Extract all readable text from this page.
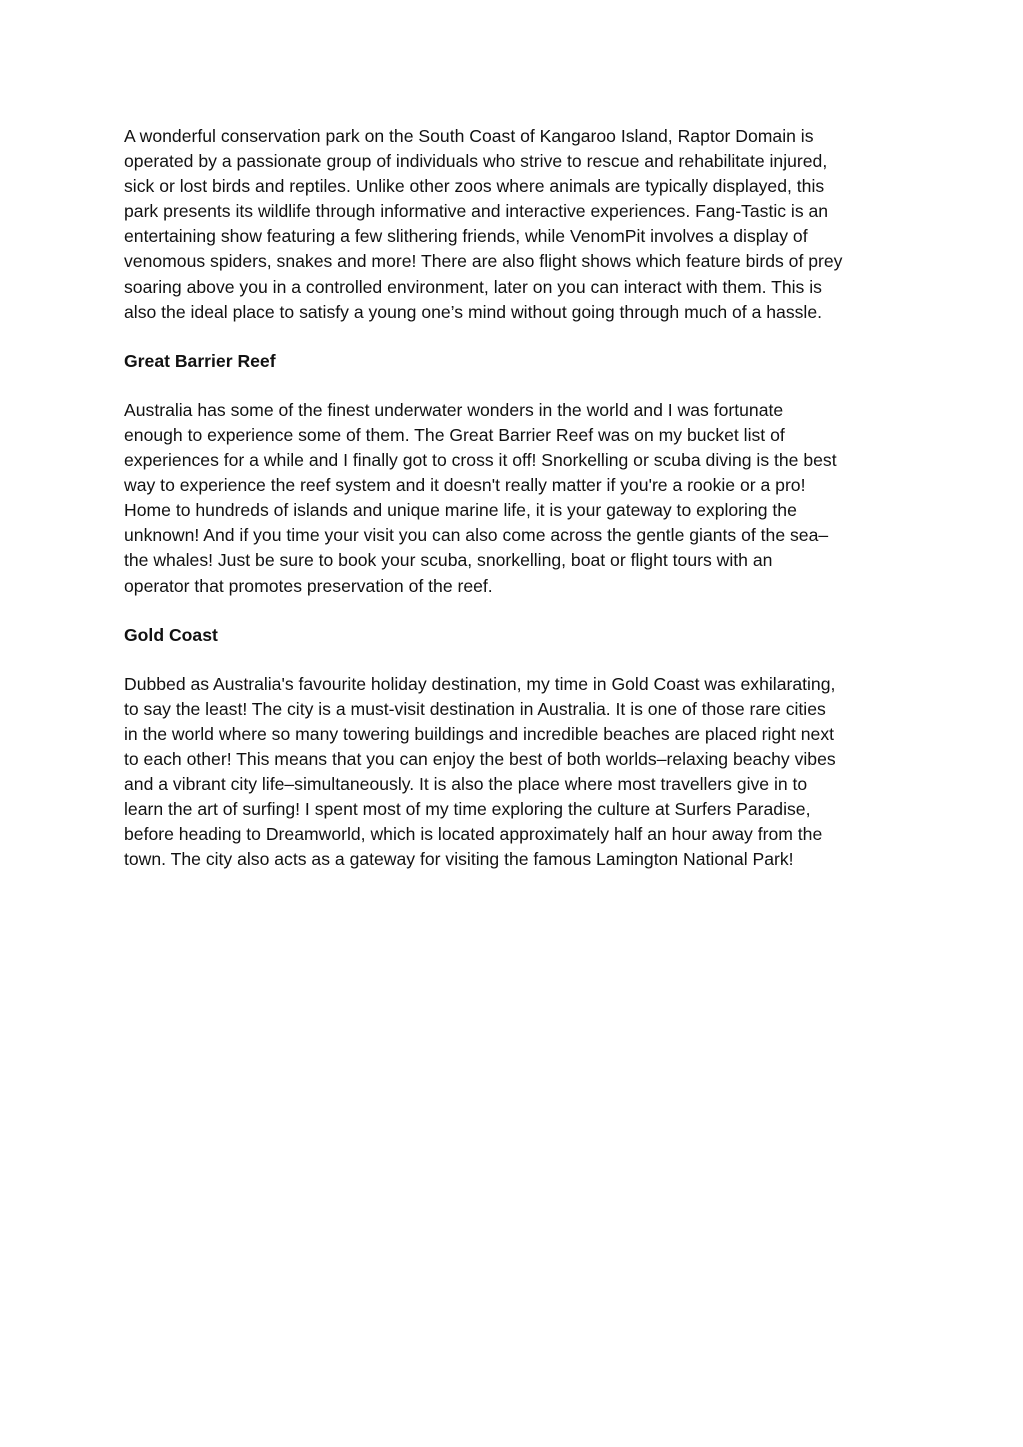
A wonderful conservation park on the South Coast of Kangaroo Island, Raptor Domain is
operated by a passionate group of individuals who strive to rescue and rehabilitate injured,
sick or lost birds and reptiles. Unlike other zoos where animals are typically displayed, this
park presents its wildlife through informative and interactive experiences. Fang-Tastic is an
entertaining show featuring a few slithering friends, while VenomPit involves a display of
venomous spiders, snakes and more! There are also flight shows which feature birds of prey
soaring above you in a controlled environment, later on you can interact with them. This is
also the ideal place to satisfy a young one’s mind without going through much of a hassle.
Great Barrier Reef
Australia has some of the finest underwater wonders in the world and I was fortunate
enough to experience some of them. The Great Barrier Reef was on my bucket list of
experiences for a while and I finally got to cross it off! Snorkelling or scuba diving is the best
way to experience the reef system and it doesn't really matter if you're a rookie or a pro!
Home to hundreds of islands and unique marine life, it is your gateway to exploring the
unknown! And if you time your visit you can also come across the gentle giants of the sea–
the whales! Just be sure to book your scuba, snorkelling, boat or flight tours with an
operator that promotes preservation of the reef.
Gold Coast
Dubbed as Australia's favourite holiday destination, my time in Gold Coast was exhilarating,
to say the least! The city is a must-visit destination in Australia. It is one of those rare cities
in the world where so many towering buildings and incredible beaches are placed right next
to each other! This means that you can enjoy the best of both worlds–relaxing beachy vibes
and a vibrant city life–simultaneously. It is also the place where most travellers give in to
learn the art of surfing! I spent most of my time exploring the culture at Surfers Paradise,
before heading to Dreamworld, which is located approximately half an hour away from the
town. The city also acts as a gateway for visiting the famous Lamington National Park!
